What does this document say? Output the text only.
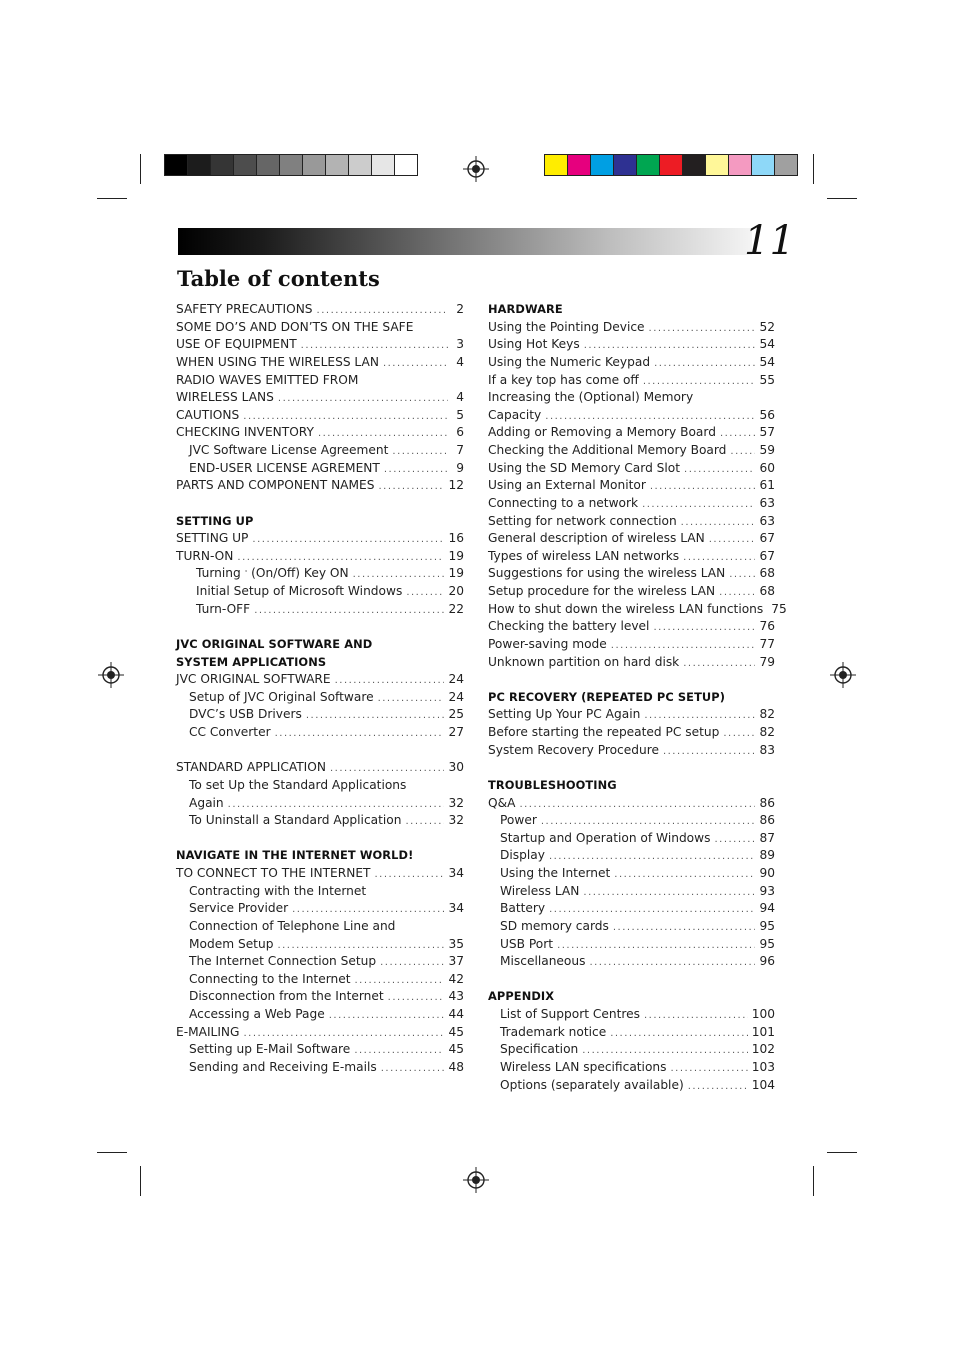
11
Table of contents
SAFETY PRECAUTIONS .....	2
SOME DO’S AND DON’TS ON THE SAFE
USE OF EQUIPMENT .....	3
WHEN USING THE WIRELESS LAN .....	4
RADIO WAVES EMITTED FROM
WIRELESS LANS .....	4
CAUTIONS .....	5
CHECKING INVENTORY .....	6
JVC Software License Agreement .....	7
END-USER LICENSE AGREMENT .....	9
PARTS AND COMPONENT NAMES .....	12
SETTING UP
SETTING UP .....	16
TURN-ON .....	19
Turning (On/Off) Key ON .....	19
Initial Setup of Microsoft Windows .....	20
Turn-OFF .....	22
JVC ORIGINAL SOFTWARE AND
SYSTEM APPLICATIONS
JVC ORIGINAL SOFTWARE .....	24
Setup of JVC Original Software .....	24
DVC’s USB Drivers .....	25
CC Converter .....	27
STANDARD APPLICATION .....	30
To set Up the Standard Applications
Again .....	32
To Uninstall a Standard Application .....	32
NAVIGATE IN THE INTERNET WORLD!
TO CONNECT TO THE INTERNET .....	34
Contracting with the Internet
Service Provider .....	34
Connection of Telephone Line and
Modem Setup .....	35
The Internet Connection Setup .....	37
Connecting to the Internet .....	42
Disconnection from the Internet .....	43
Accessing a Web Page .....	44
E-MAILING .....	45
Setting up E-Mail Software .....	45
Sending and Receiving E-mails .....	48
HARDWARE
Using the Pointing Device .....	52
Using Hot Keys .....	54
Using the Numeric Keypad .....	54
If a key top has come off .....	55
Increasing the (Optional) Memory
Capacity .....	56
Adding or Removing a Memory Board .....	57
Checking the Additional Memory Board .....	59
Using the SD Memory Card Slot .....	60
Using an External Monitor .....	61
Connecting to a network .....	63
Setting for network connection .....	63
General description of wireless LAN .....	67
Types of wireless LAN networks .....	67
Suggestions for using the wireless LAN .....	68
Setup procedure for the wireless LAN .....	68
How to shut down the wireless LAN functions 75
Checking the battery level .....	76
Power-saving mode .....	77
Unknown partition on hard disk .....	79
PC RECOVERY (REPEATED PC SETUP)
Setting Up Your PC Again .....	82
Before starting the repeated PC setup .....	82
System Recovery Procedure .....	83
TROUBLESHOOTING
Q&A .....	86
Power .....	86
Startup and Operation of Windows .....	87
Display .....	89
Using the Internet .....	90
Wireless LAN .....	93
Battery .....	94
SD memory cards .....	95
USB Port .....	95
Miscellaneous .....	96
APPENDIX
List of Support Centres .....	100
Trademark notice .....	101
Specification .....	102
Wireless LAN specifications .....	103
Options (separately available) .....	104
